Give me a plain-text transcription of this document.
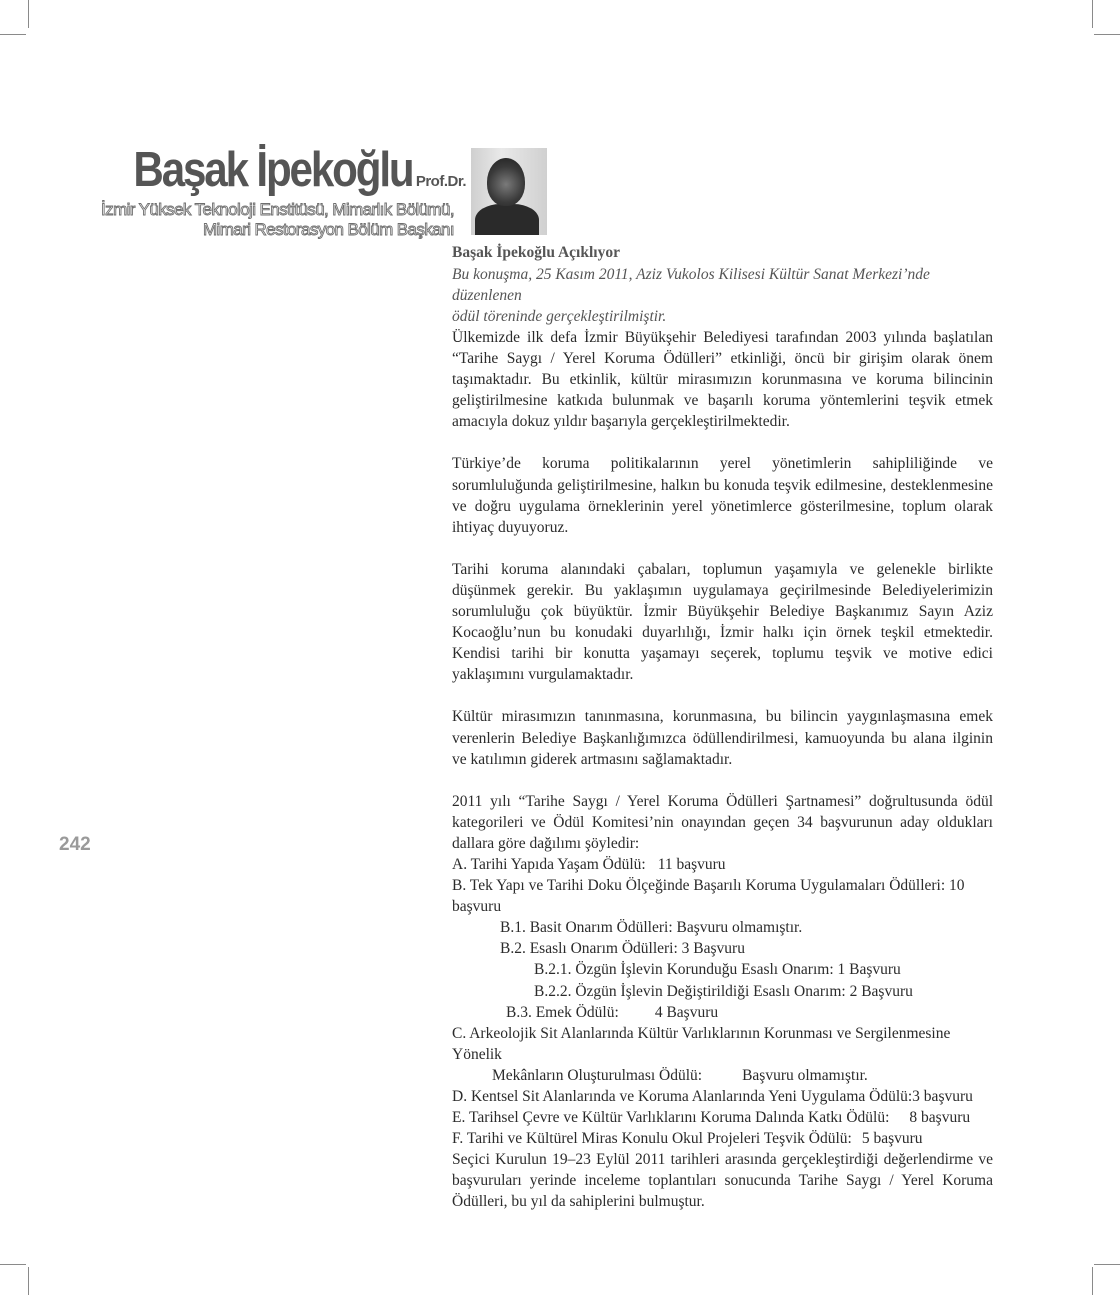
Başak İpekoğlu Prof.Dr.
İzmir Yüksek Teknoloji Enstitüsü, Mimarlık Bölümü,
Mimari Restorasyon Bölüm Başkanı
242
Başak İpekoğlu Açıklıyor
Bu konuşma, 25 Kasım 2011, Aziz Vukolos Kilisesi Kültür Sanat Merkezi’nde düzenlenen
ödül töreninde gerçekleştirilmiştir.

Ülkemizde ilk defa İzmir Büyükşehir Belediyesi tarafından 2003 yılında başlatılan “Tarihe Saygı / Yerel Koruma Ödülleri” etkinliği, öncü bir girişim olarak önem taşımaktadır. Bu etkinlik, kültür mirasımızın korunmasına ve koruma bilincinin geliştirilmesine katkıda bulunmak ve başarılı koruma yöntemlerini teşvik etmek amacıyla dokuz yıldır başarıyla gerçekleştirilmektedir.

Türkiye’de koruma politikalarının yerel yönetimlerin sahipliliğinde ve sorumluluğunda geliştirilmesine, halkın bu konuda teşvik edilmesine, desteklenmesine ve doğru uygulama örneklerinin yerel yönetimlerce gösterilmesine, toplum olarak ihtiyaç duyuyoruz.

Tarihi koruma alanındaki çabaları, toplumun yaşamıyla ve gelenekle birlikte düşünmek gerekir. Bu yaklaşımın uygulamaya geçirilmesinde Belediyelerimizin sorumluluğu çok büyüktür. İzmir Büyükşehir Belediye Başkanımız Sayın Aziz Kocaoğlu’nun bu konudaki duyarlılığı, İzmir halkı için örnek teşkil etmektedir. Kendisi tarihi bir konutta yaşamayı seçerek, toplumu teşvik ve motive edici yaklaşımını vurgulamaktadır.

Kültür mirasımızın tanınmasına, korunmasına, bu bilincin yaygınlaşmasına emek verenlerin Belediye Başkanlığımızca ödüllendirilmesi, kamuoyunda bu alana ilginin ve katılımın giderek artmasını sağlamaktadır.

2011 yılı “Tarihe Saygı / Yerel Koruma Ödülleri Şartnamesi” doğrultusunda ödül kategorileri ve Ödül Komitesi’nin onayından geçen 34 başvurunun aday oldukları dallara göre dağılımı şöyledir:

A. Tarihi Yapıda Yaşam Ödülü: 11 başvuru

B. Tek Yapı ve Tarihi Doku Ölçeğinde Başarılı Koruma Uygulamaları Ödülleri: 10 başvuru

B.1. Basit Onarım Ödülleri: Başvuru olmamıştır.

B.2. Esaslı Onarım Ödülleri: 3 Başvuru

B.2.1. Özgün İşlevin Korunduğu Esaslı Onarım: 1 Başvuru

B.2.2. Özgün İşlevin Değiştirildiği Esaslı Onarım: 2 Başvuru

B.3. Emek Ödülü: 4 Başvuru

C. Arkeolojik Sit Alanlarında Kültür Varlıklarının Korunması ve Sergilenmesine Yönelik

Mekânların Oluşturulması Ödülü:	Başvuru olmamıştır.

D. Kentsel Sit Alanlarında ve Koruma Alanlarında Yeni Uygulama Ödülü:3 başvuru

E. Tarihsel Çevre ve Kültür Varlıklarını Koruma Dalında Katkı Ödülü: 8 başvuru

F. Tarihi ve Kültürel Miras Konulu Okul Projeleri Teşvik Ödülü: 5 başvuru

Seçici Kurulun 19–23 Eylül 2011 tarihleri arasında gerçekleştirdiği değerlendirme ve başvuruları yerinde inceleme toplantıları sonucunda Tarihe Saygı / Yerel Koruma Ödülleri, bu yıl da sahiplerini bulmuştur.
